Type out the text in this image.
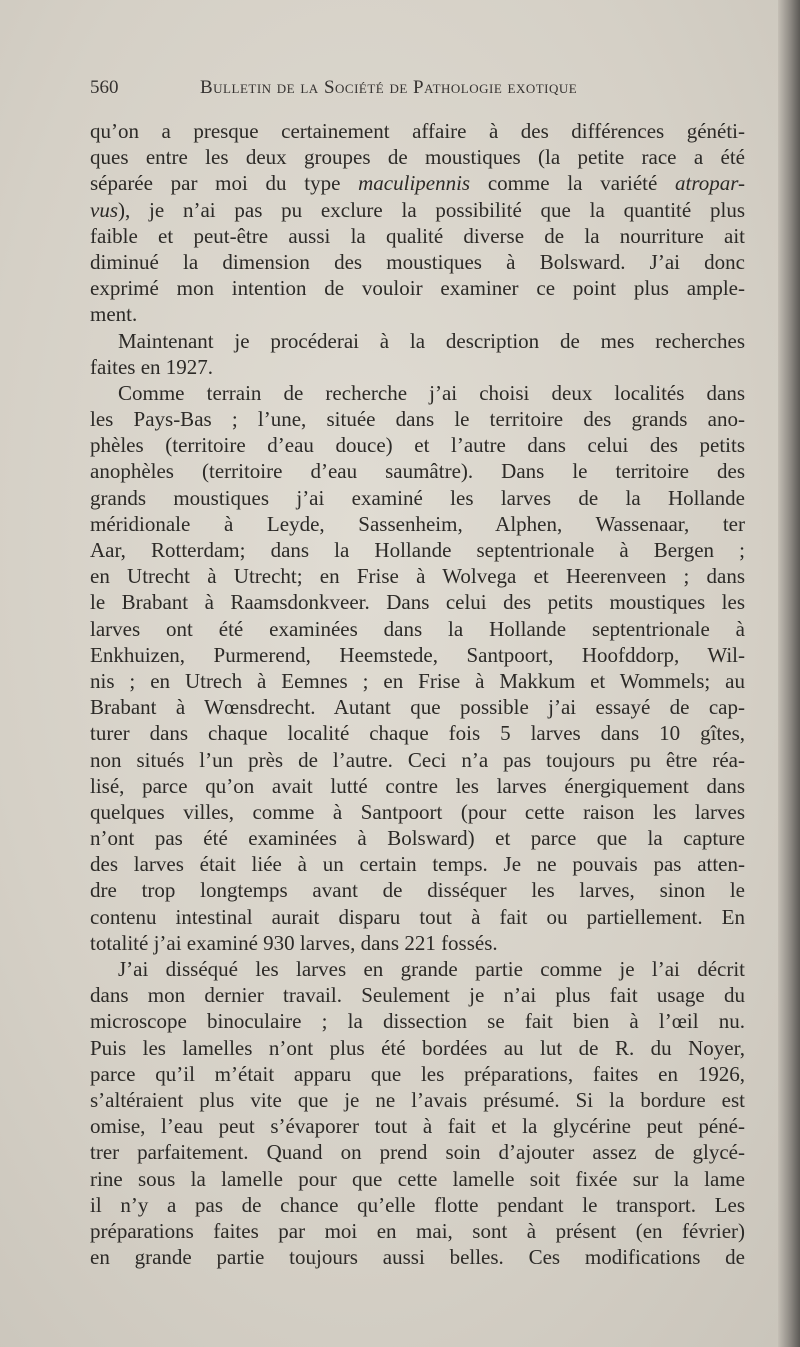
560	Bulletin de la Société de Pathologie exotique
qu’on a presque certainement affaire à des différences généti-
ques entre les deux groupes de moustiques (la petite race a été
séparée par moi du type maculipennis comme la variété atropar-
vus), je n’ai pas pu exclure la possibilité que la quantité plus
faible et peut-être aussi la qualité diverse de la nourriture ait
diminué la dimension des moustiques à Bolsward. J’ai donc
exprimé mon intention de vouloir examiner ce point plus ample-
ment.
Maintenant je procéderai à la description de mes recherches
faites en 1927.
Comme terrain de recherche j’ai choisi deux localités dans
les Pays-Bas ; l’une, située dans le territoire des grands ano-
phèles (territoire d’eau douce) et l’autre dans celui des petits
anophèles (territoire d’eau saumâtre). Dans le territoire des
grands moustiques j’ai examiné les larves de la Hollande
méridionale à Leyde, Sassenheim, Alphen, Wassenaar, ter
Aar, Rotterdam; dans la Hollande septentrionale à Bergen ;
en Utrecht à Utrecht; en Frise à Wolvega et Heerenveen ; dans
le Brabant à Raamsdonkveer. Dans celui des petits moustiques les
larves ont été examinées dans la Hollande septentrionale à
Enkhuizen, Purmerend, Heemstede, Santpoort, Hoofddorp, Wil-
nis ; en Utrech à Eemnes ; en Frise à Makkum et Wommels; au
Brabant à Wœnsdrecht. Autant que possible j’ai essayé de cap-
turer dans chaque localité chaque fois 5 larves dans 10 gîtes,
non situés l’un près de l’autre. Ceci n’a pas toujours pu être réa-
lisé, parce qu’on avait lutté contre les larves énergiquement dans
quelques villes, comme à Santpoort (pour cette raison les larves
n’ont pas été examinées à Bolsward) et parce que la capture
des larves était liée à un certain temps. Je ne pouvais pas atten-
dre trop longtemps avant de disséquer les larves, sinon le
contenu intestinal aurait disparu tout à fait ou partiellement. En
totalité j’ai examiné 930 larves, dans 221 fossés.
J’ai disséqué les larves en grande partie comme je l’ai décrit
dans mon dernier travail. Seulement je n’ai plus fait usage du
microscope binoculaire ; la dissection se fait bien à l’œil nu.
Puis les lamelles n’ont plus été bordées au lut de R. du Noyer,
parce qu’il m’était apparu que les préparations, faites en 1926,
s’altéraient plus vite que je ne l’avais présumé. Si la bordure est
omise, l’eau peut s’évaporer tout à fait et la glycérine peut péné-
trer parfaitement. Quand on prend soin d’ajouter assez de glycé-
rine sous la lamelle pour que cette lamelle soit fixée sur la lame
il n’y a pas de chance qu’elle flotte pendant le transport. Les
préparations faites par moi en mai, sont à présent (en février)
en grande partie toujours aussi belles. Ces modifications de
